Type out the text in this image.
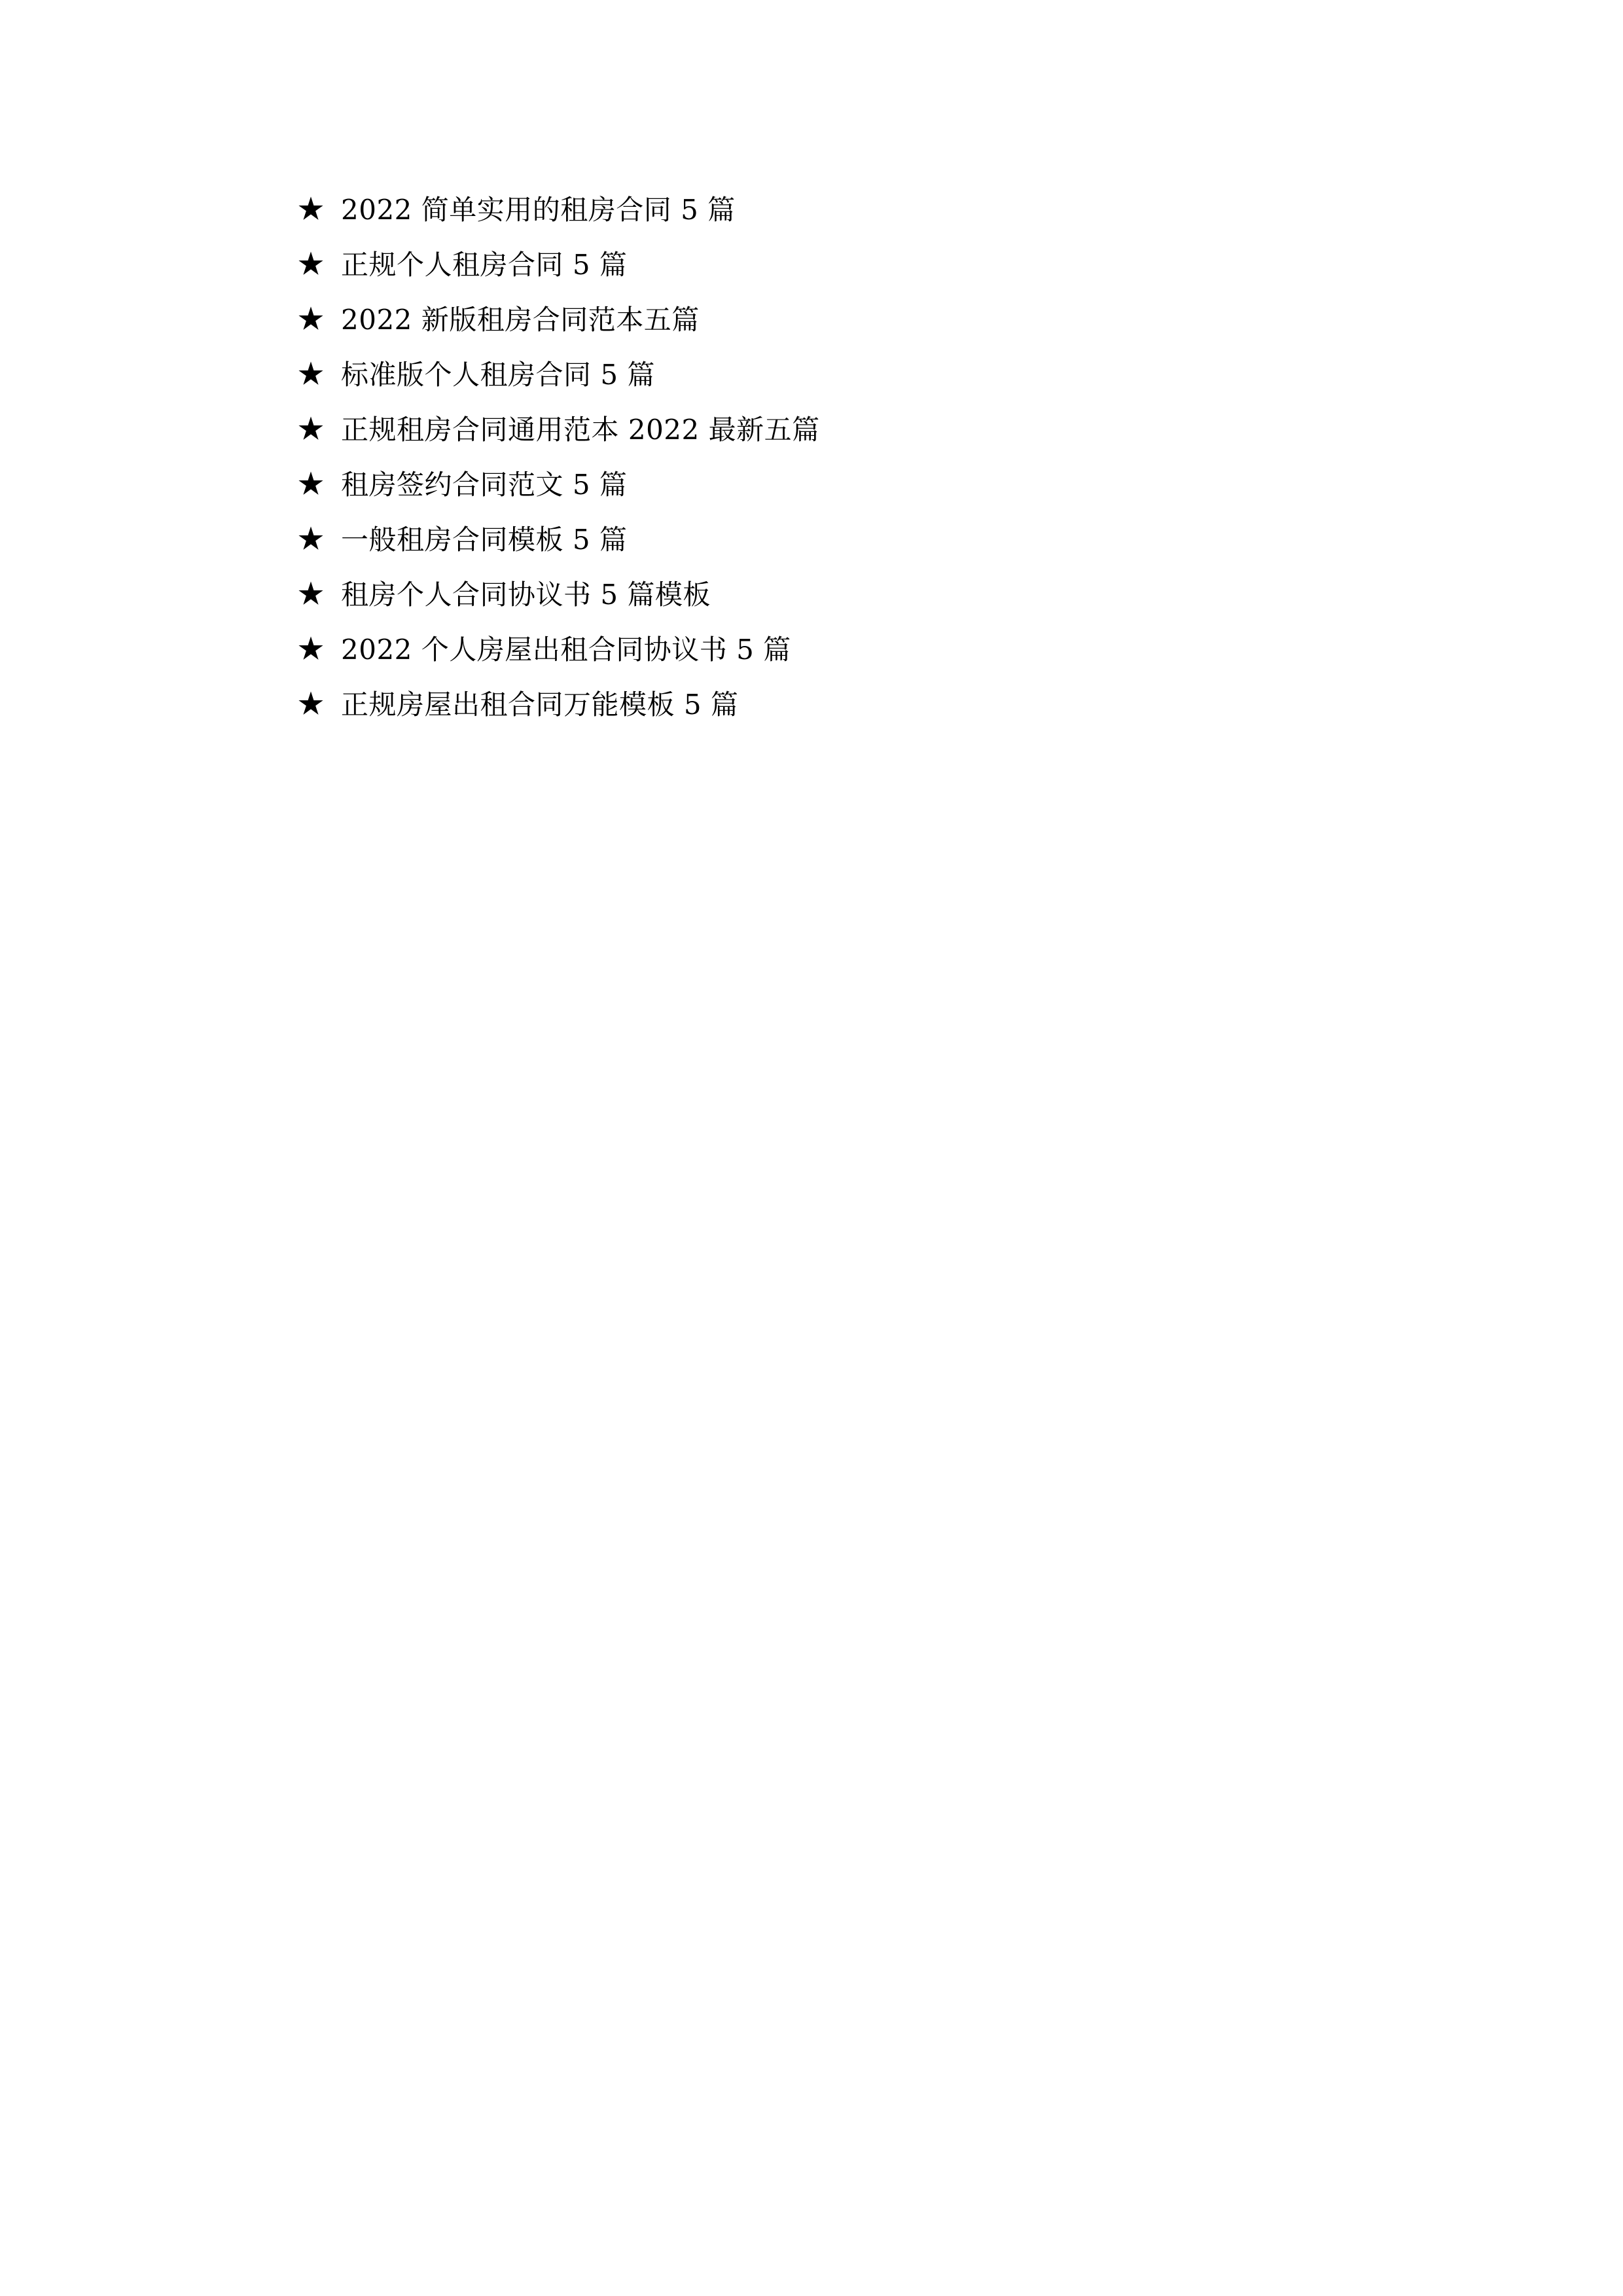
★ 2022 简单实用的租房合同 5 篇
★ 正规个人租房合同 5 篇
★ 2022 新版租房合同范本五篇
★ 标准版个人租房合同 5 篇
★ 正规租房合同通用范本 2022 最新五篇
★ 租房签约合同范文 5 篇
★ 一般租房合同模板 5 篇
★ 租房个人合同协议书 5 篇模板
★ 2022 个人房屋出租合同协议书 5 篇
★ 正规房屋出租合同万能模板 5 篇
